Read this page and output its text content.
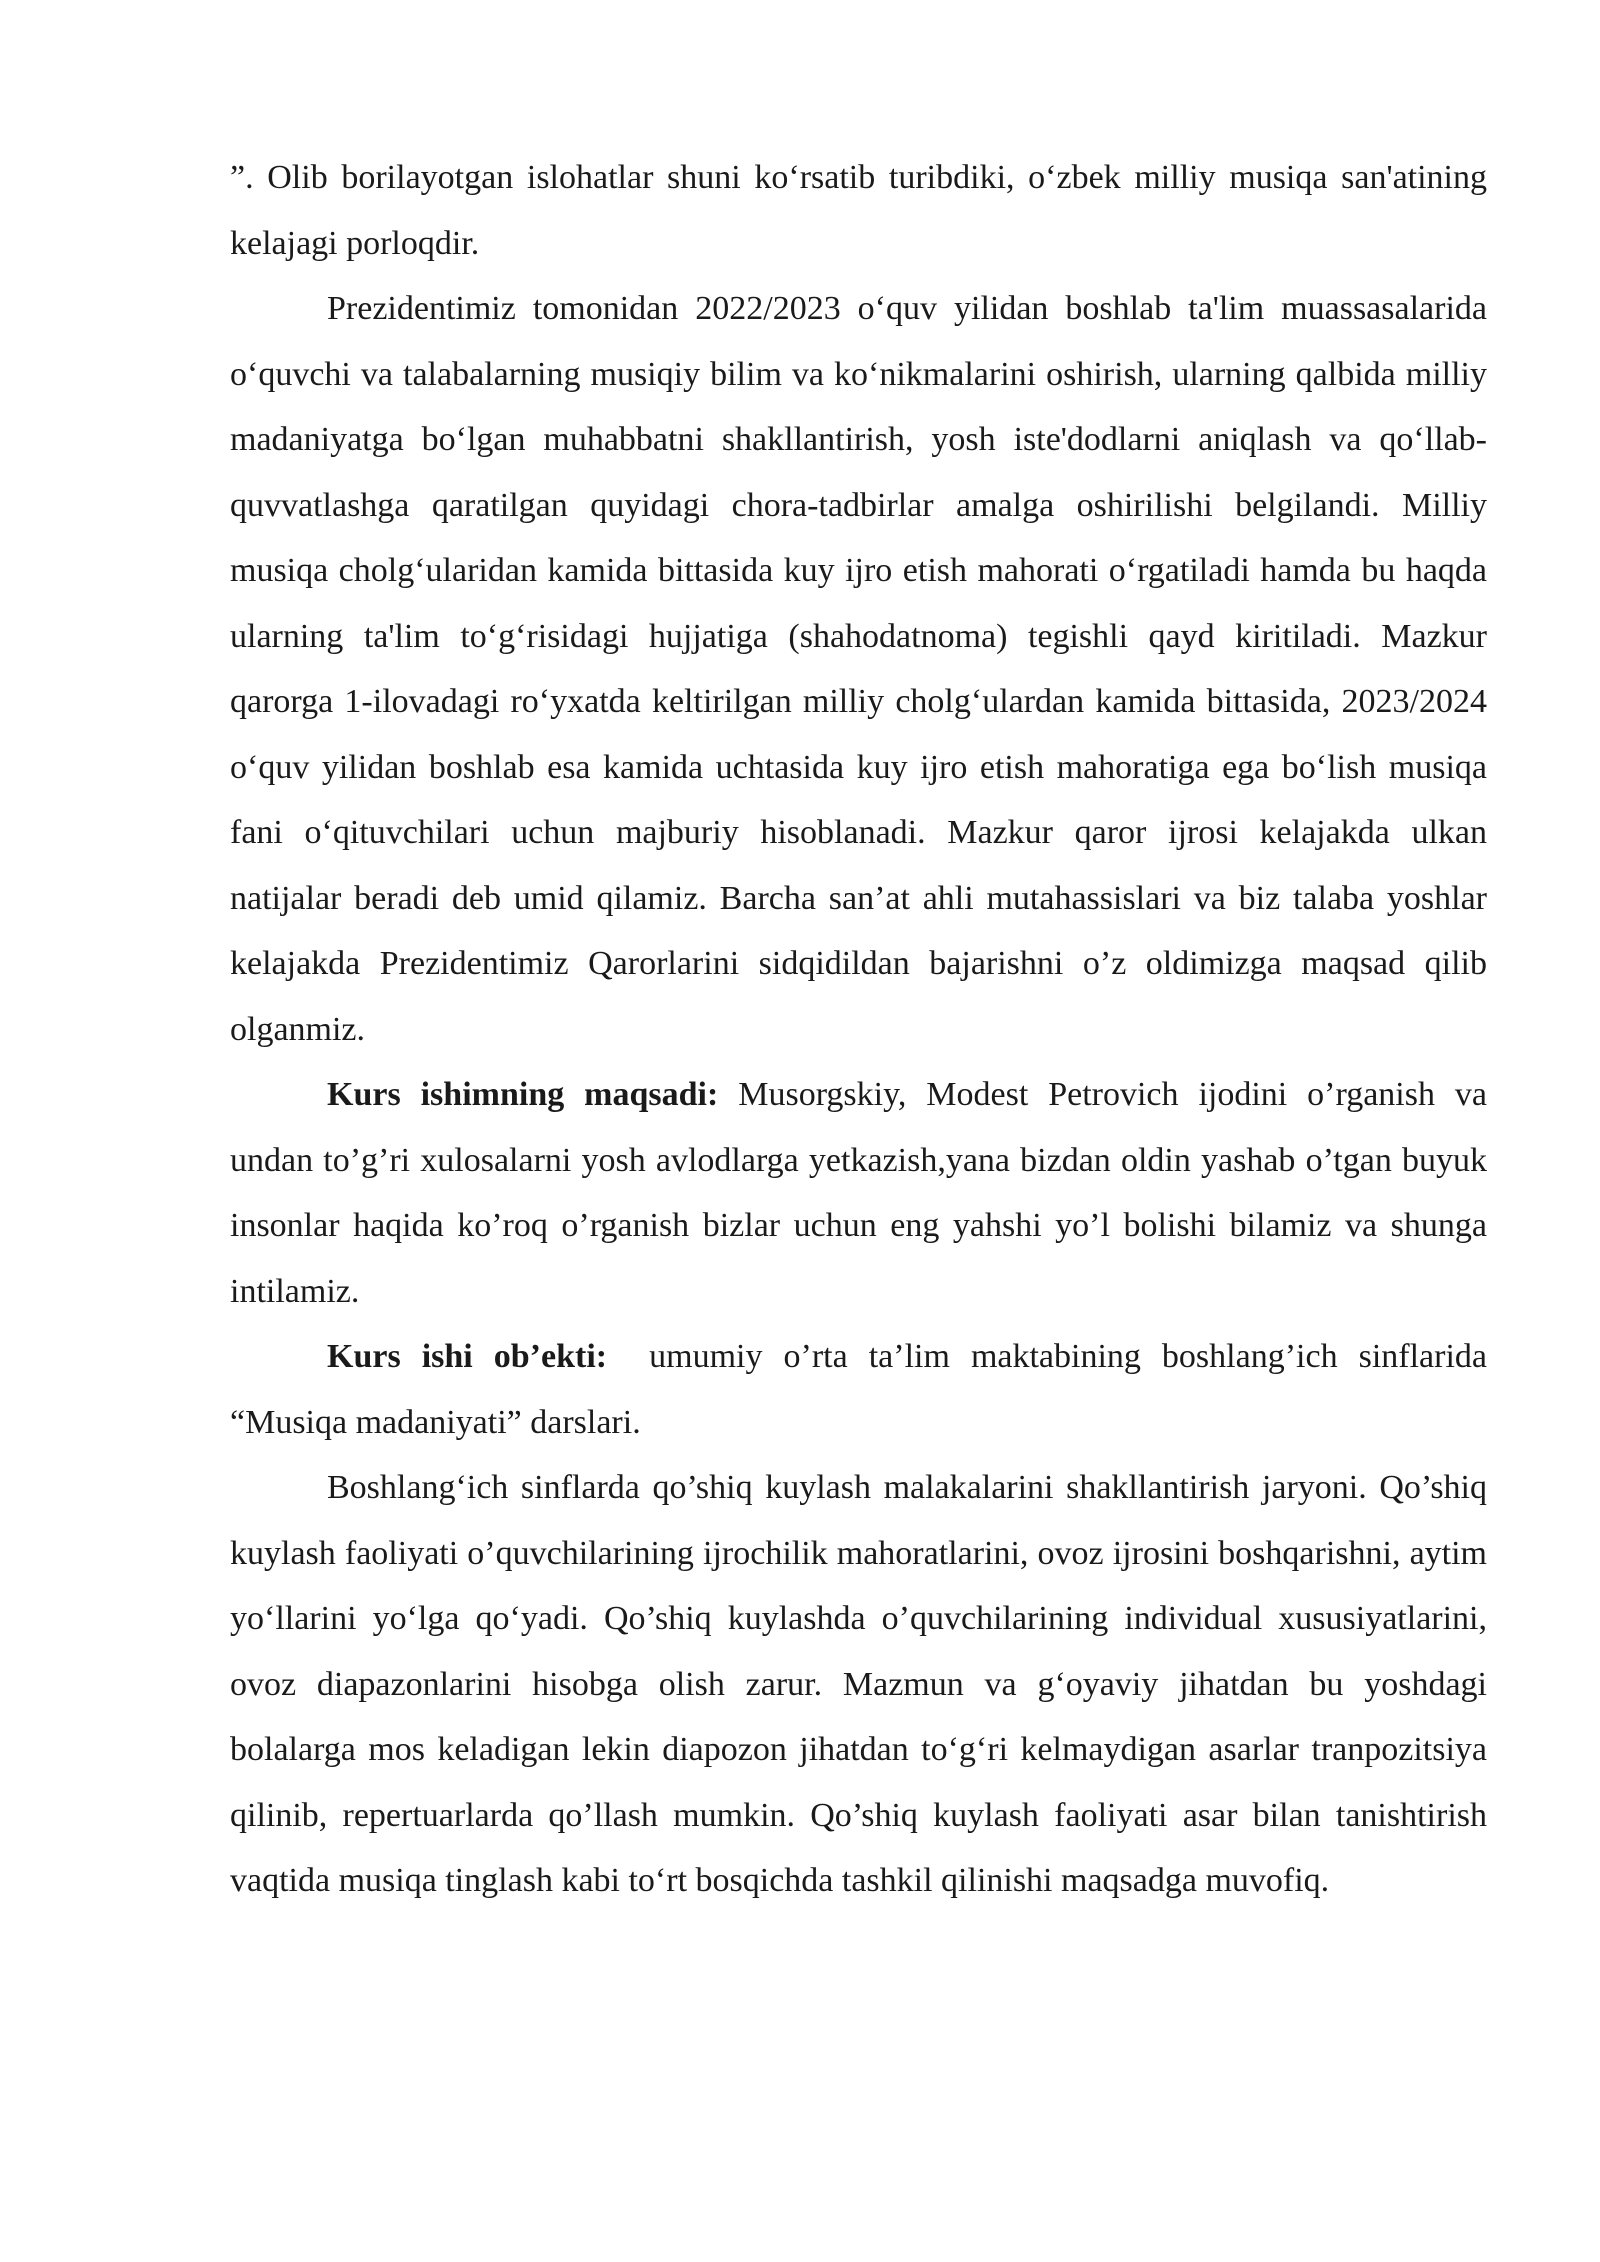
”. Olib borilayotgan islohatlar shuni ko‘rsatib turibdiki, o‘zbek milliy musiqa san'atining kelajagi porloqdir.

Prezidentimiz tomonidan 2022/2023 o‘quv yilidan boshlab ta'lim muassasalarida o‘quvchi va talabalarning musiqiy bilim va ko‘nikmalarini oshirish, ularning qalbida milliy madaniyatga bo‘lgan muhabbatni shakllantirish, yosh iste'dodlarni aniqlash va qo‘llab-quvvatlashga qaratilgan quyidagi chora-tadbirlar amalga oshirilishi belgilandi. Milliy musiqa cholg‘ularidan kamida bittasida kuy ijro etish mahorati o‘rgatiladi hamda bu haqda ularning ta'lim to‘g‘risidagi hujjatiga (shahodatnoma) tegishli qayd kiritiladi. Mazkur qarorga 1-ilovadagi ro‘yxatda keltirilgan milliy cholg‘ulardan kamida bittasida, 2023/2024 o‘quv yilidan boshlab esa kamida uchtasida kuy ijro etish mahoratiga ega bo‘lish musiqa fani o‘qituvchilari uchun majburiy hisoblanadi. Mazkur qaror ijrosi kelajakda ulkan natijalar beradi deb umid qilamiz. Barcha san’at ahli mutahassislari va biz talaba yoshlar kelajakda Prezidentimiz Qarorlarini sidqidildan bajarishni o’z oldimizga maqsad qilib olganmiz.

Kurs ishimning maqsadi: Musorgskiy, Modest Petrovich ijodini o’rganish va undan to’g’ri xulosalarni yosh avlodlarga yetkazish,yana bizdan oldin yashab o’tgan buyuk insonlar haqida ko’roq o’rganish bizlar uchun eng yahshi yo’l bolishi bilamiz va shunga intilamiz.

Kurs ishi ob’ekti:  umumiy o’rta ta’lim maktabining boshlang’ich sinflarida “Musiqa madaniyati” darslari.

Boshlang‘ich sinflarda qo’shiq kuylash malakalarini shakllantirish jaryoni. Qo’shiq kuylash faoliyati o’quvchilarining ijrochilik mahoratlarini, ovoz ijrosini boshqarishni, aytim yo‘llarini yo‘lga qo‘yadi. Qo’shiq kuylashda o’quvchilarining individual xususiyatlarini, ovoz diapazonlarini hisobga olish zarur. Mazmun va g‘oyaviy jihatdan bu yoshdagi bolalarga mos keladigan lekin diapozon jihatdan to‘g‘ri kelmaydigan asarlar tranpozitsiya qilinib, repertuarlarda qo’llash mumkin. Qo’shiq kuylash faoliyati asar bilan tanishtirish vaqtida musiqa tinglash kabi to‘rt bosqichda tashkil qilinishi maqsadga muvofiq.
